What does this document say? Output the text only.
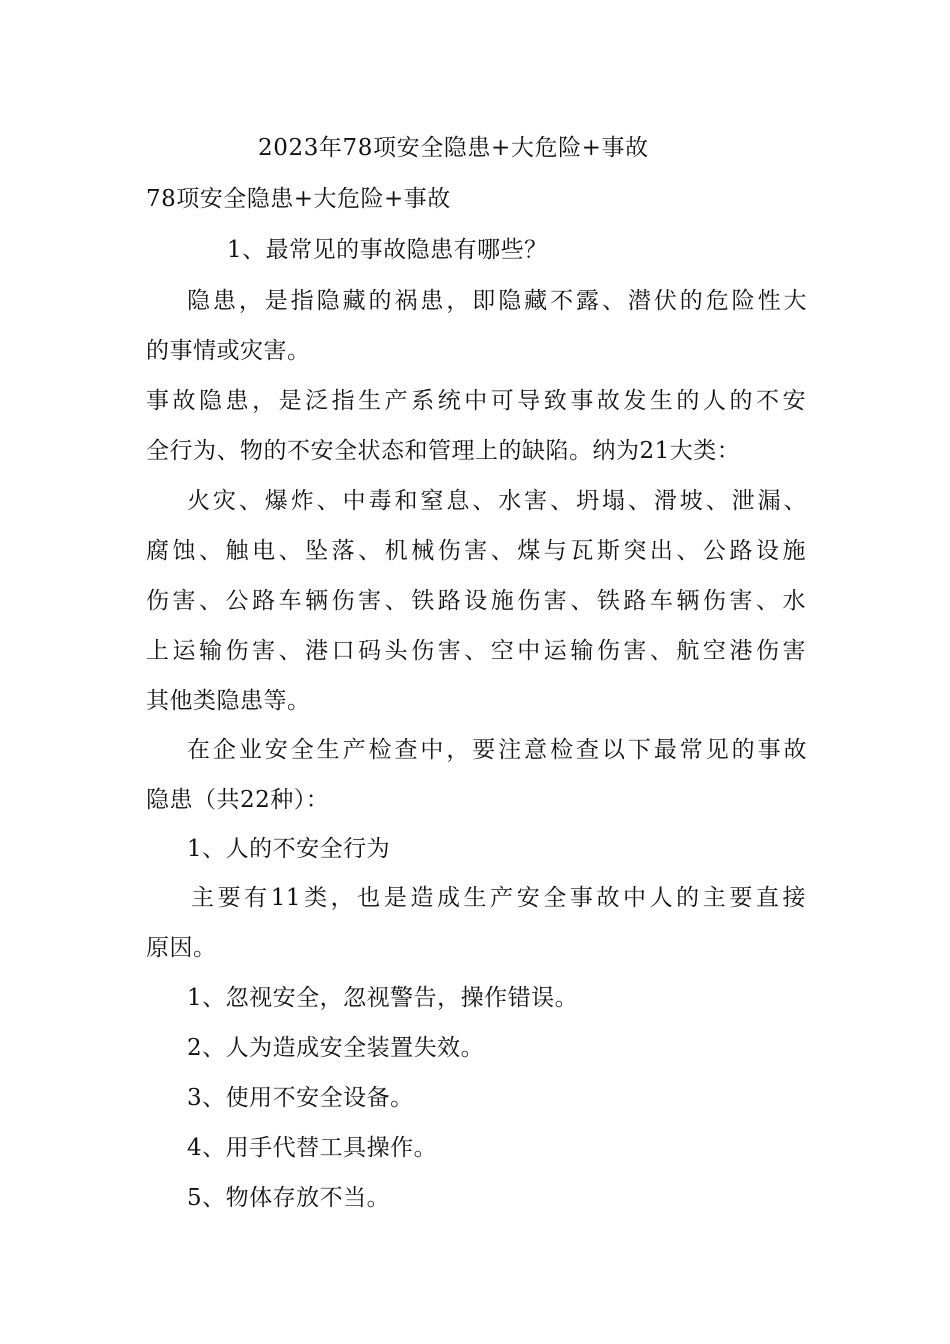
2023年78项安全隐患+大危险+事故
78项安全隐患+大危险+事故
1、最常见的事故隐患有哪些？
隐患，是指隐藏的祸患，即隐藏不露、潜伏的危险性大
的事情或灾害。
事故隐患，是泛指生产系统中可导致事故发生的人的不安
全行为、物的不安全状态和管理上的缺陷。纳为21大类：
火灾、爆炸、中毒和窒息、水害、坍塌、滑坡、泄漏、
腐蚀、触电、坠落、机械伤害、煤与瓦斯突出、公路设施
伤害、公路车辆伤害、铁路设施伤害、铁路车辆伤害、水
上运输伤害、港口码头伤害、空中运输伤害、航空港伤害
其他类隐患等。
在企业安全生产检查中，要注意检查以下最常见的事故
隐患（共22种）：
1、人的不安全行为
主要有11类，也是造成生产安全事故中人的主要直接
原因。
1、忽视安全，忽视警告，操作错误。
2、人为造成安全装置失效。
3、使用不安全设备。
4、用手代替工具操作。
5、物体存放不当。
